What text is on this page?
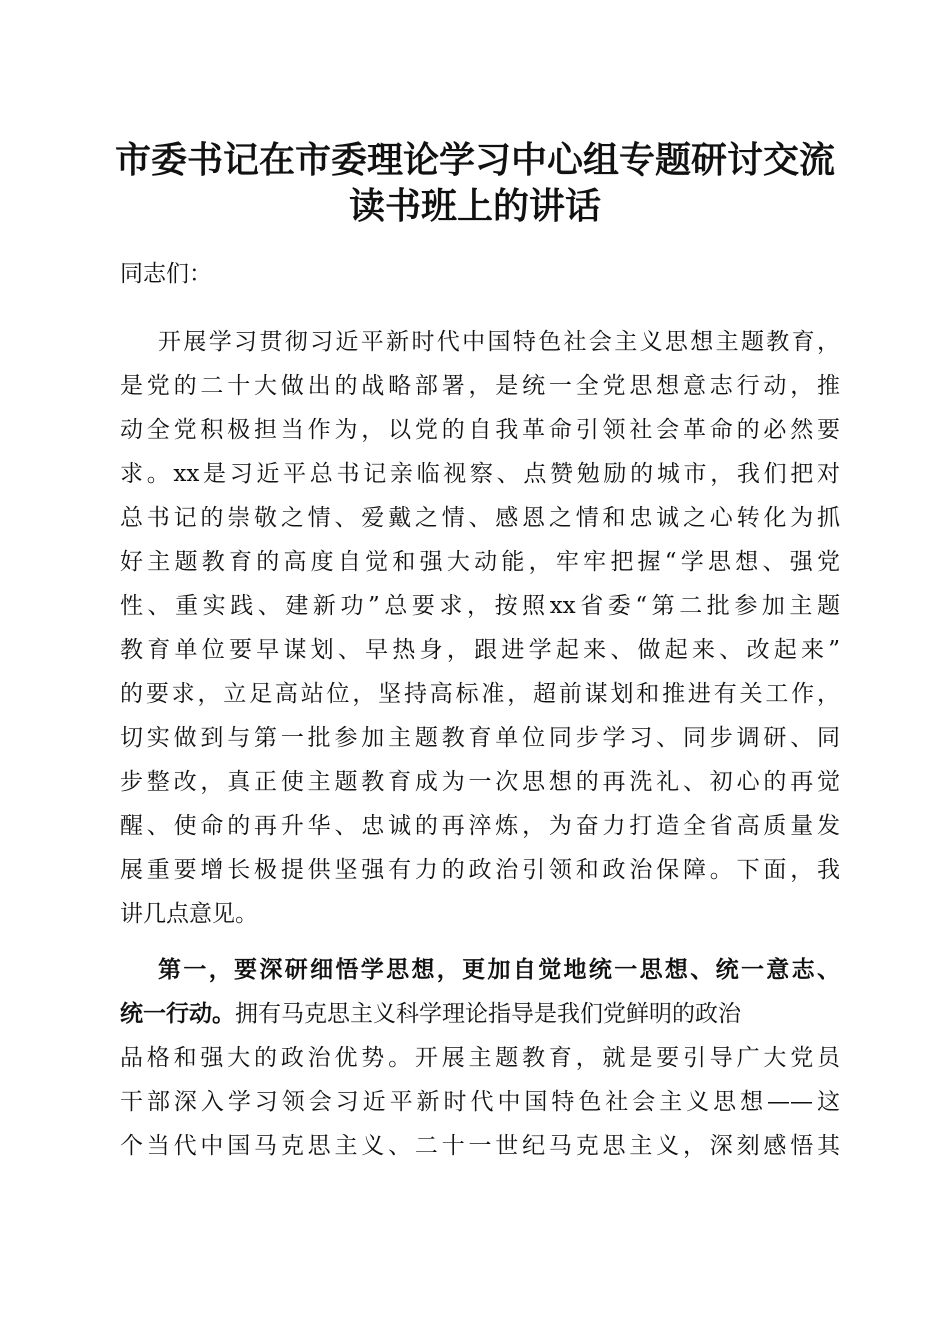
市委书记在市委理论学习中心组专题研讨交流
读书班上的讲话

同志们：

开展学习贯彻习近平新时代中国特色社会主义思想主题教育，

是党的二十大做出的战略部署，是统一全党思想意志行动，推

动全党积极担当作为，以党的自我革命引领社会革命的必然要

求。xx是习近平总书记亲临视察、点赞勉励的城市，我们把对

总书记的崇敬之情、爱戴之情、感恩之情和忠诚之心转化为抓

好主题教育的高度自觉和强大动能，牢牢把握“学思想、强党

性、重实践、建新功”总要求，按照xx省委“第二批参加主题

教育单位要早谋划、早热身，跟进学起来、做起来、改起来”

的要求，立足高站位，坚持高标准，超前谋划和推进有关工作，

切实做到与第一批参加主题教育单位同步学习、同步调研、同

步整改，真正使主题教育成为一次思想的再洗礼、初心的再觉

醒、使命的再升华、忠诚的再淬炼，为奋力打造全省高质量发

展重要增长极提供坚强有力的政治引领和政治保障。下面，我

讲几点意见。

第一，要深研细悟学思想，更加自觉地统一思想、统一意志、

统一行动。拥有马克思主义科学理论指导是我们党鲜明的政治

品格和强大的政治优势。开展主题教育，就是要引导广大党员

干部深入学习领会习近平新时代中国特色社会主义思想——这

个当代中国马克思主义、二十一世纪马克思主义，深刻感悟其
